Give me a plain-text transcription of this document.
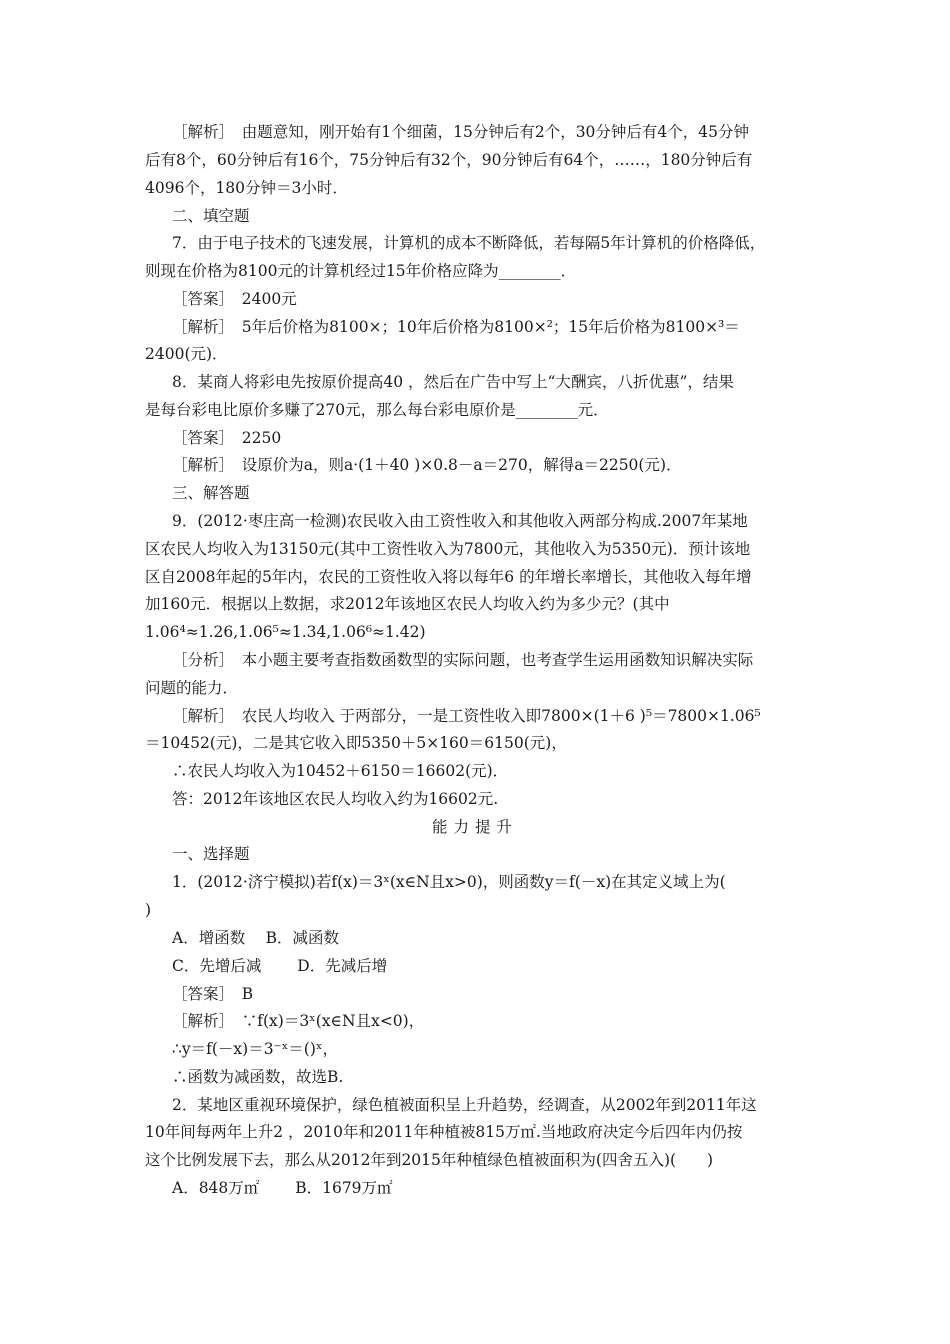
［解析］　由题意知，刚开始有1个细菌，15分钟后有2个，30分钟后有4个，45分钟
后有8个，60分钟后有16个，75分钟后有32个，90分钟后有64个，……，180分钟后有
4096个，180分钟＝3小时．
二、填空题
7．由于电子技术的飞速发展，计算机的成本不断降低，若每隔5年计算机的价格降低，
则现在价格为8100元的计算机经过15年价格应降为________．
［答案］　2400元
［解析］　5年后价格为8100×；10年后价格为8100×²；15年后价格为8100×³＝
2400(元)．
8．某商人将彩电先按原价提高40 ，然后在广告中写上“大酬宾，八折优惠”，结果
是每台彩电比原价多赚了270元，那么每台彩电原价是________元．
［答案］　2250
［解析］　设原价为a，则a·(1＋40 )×0.8－a＝270，解得a＝2250(元)．
三、解答题
9．(2012·枣庄高一检测)农民收入由工资性收入和其他收入两部分构成.2007年某地
区农民人均收入为13150元(其中工资性收入为7800元，其他收入为5350元)．预计该地
区自2008年起的5年内，农民的工资性收入将以每年6 的年增长率增长，其他收入每年增
加160元．根据以上数据，求2012年该地区农民人均收入约为多少元？(其中
1.06⁴≈1.26,1.06⁵≈1.34,1.06⁶≈1.42)
［分析］　本小题主要考查指数函数型的实际问题，也考查学生运用函数知识解决实际
问题的能力．
［解析］　农民人均收入 于两部分，一是工资性收入即7800×(1＋6 )⁵＝7800×1.06⁵
＝10452(元)，二是其它收入即5350＋5×160＝6150(元)，
∴农民人均收入为10452＋6150＝16602(元)．
答：2012年该地区农民人均收入约为16602元.
能力提升
一、选择题
1．(2012·济宁模拟)若f(x)＝3ˣ(x∈N且x>0)，则函数y＝f(－x)在其定义域上为(
)
A．增函数　 B．减函数
C．先增后减　　 D．先减后增
［答案］　B
［解析］　∵f(x)＝3ˣ(x∈N且x<0)，
∴y＝f(－x)＝3⁻ˣ＝()ˣ，
∴函数为减函数，故选B.
2．某地区重视环境保护，绿色植被面积呈上升趋势，经调查，从2002年到2011年这
10年间每两年上升2 ，2010年和2011年种植被815万㎡.当地政府决定今后四年内仍按
这个比例发展下去，那么从2012年到2015年种植绿色植被面积为(四舍五入)(　　)
A．848万㎡　　 B．1679万㎡
